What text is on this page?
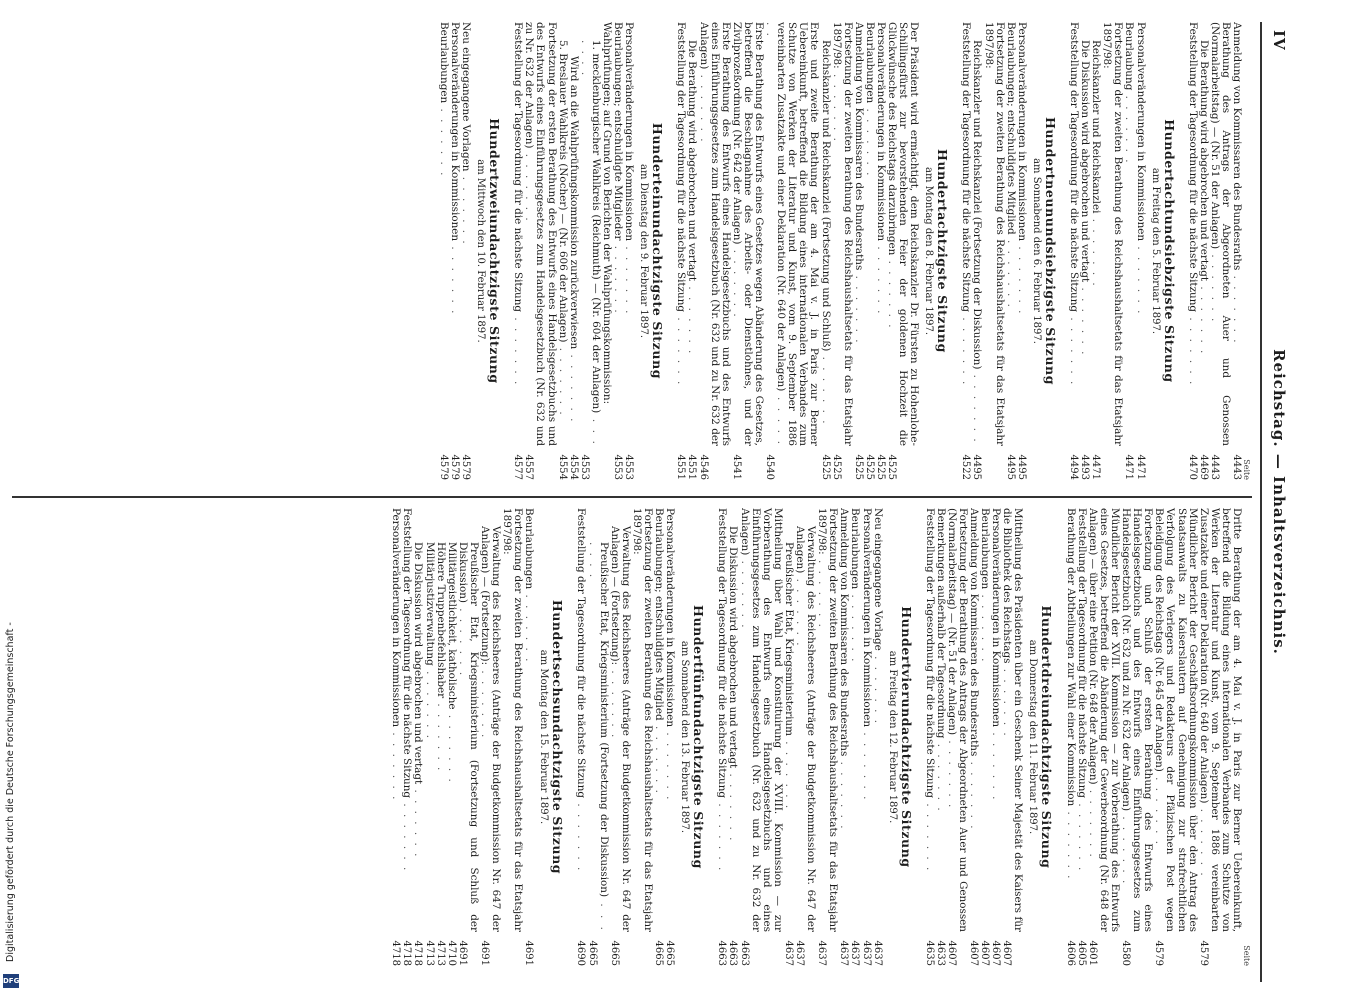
IV
Reichstag. — Inhaltsverzeichnis.
Seite
Anmeldung von Kommissaren des Bundesraths . . .
4443
Berathung des Antrags der Abgeordneten Auer und Genossen (Normalarbeitstag) — (Nr. 51 der Anlagen) . . .
4443
Die Berathung wird abgebrochen und vertagt . . .
4469
Feststellung der Tagesordnung für die nächste Sitzung . . .
4470
Hundertachtundsiebzigste Sitzung
am Freitag den 5. Februar 1897.
Personalveränderungen in Kommissionen . . .
4471
Beurlaubung . . .
4471
Fortsetzung der zweiten Berathung des Reichshaushaltsetats für das Etatsjahr 1897/98:
Reichskanzler und Reichskanzlei . . .
4471
Die Diskussion wird abgebrochen und vertagt . . .
4493
Feststellung der Tagesordnung für die nächste Sitzung . . .
4494
Hundertneunundsiebzigste Sitzung
am Sonnabend den 6. Februar 1897.
Personalveränderungen in Kommissionen . . .
4495
Beurlaubungen; entschuldigtes Mitglied . . .
4495
Fortsetzung der zweiten Berathung des Reichshaushaltsetats für das Etatsjahr 1897/98:
Reichskanzler und Reichskanzlei (Fortsetzung der Diskussion) . . .
4495
Feststellung der Tagesordnung für die nächste Sitzung . . .
4522
Hundertachtzigste Sitzung
am Montag den 8. Februar 1897.
Der Präsident wird ermächtigt, dem Reichskanzler Dr. Fürsten zu Hohenlohe-Schillingsfürst zur bevorstehenden Feier der goldenen Hochzeit die Glückwünsche des Reichstags darzubringen . . .
4525
Personalveränderungen in Kommissionen . . .
4525
Beurlaubungen . . .
4525
Anmeldung von Kommissaren des Bundesraths . . .
4525
Fortsetzung der zweiten Berathung des Reichshaushaltsetats für das Etatsjahr 1897/98: . . .
4525
Reichskanzler und Reichskanzlei (Fortsetzung und Schluß) . . .
4525
Erste und zweite Berathung der am 4. Mai v. J. in Paris zur Berner Uebereinkunft, betreffend die Bildung eines internationalen Verbandes zum Schutze von Werken der Literatur und Kunst, vom 9. September 1886 vereinbarten Zusatzakte und einer Deklaration (Nr. 640 der Anlagen) . . .
4540
Erste Berathung des Entwurfs eines Gesetzes wegen Abänderung des Gesetzes, betreffend die Beschlagnahme des Arbeits- oder Dienstlohnes, und der Zivilprozeßordnung (Nr. 642 der Anlagen) . . .
4541
Erste Berathung des Entwurfs eines Handelsgesetzbuchs und des Entwurfs eines Einführungsgesetzes zum Handelsgesetzbuch (Nr. 632 und zu Nr. 632 der Anlagen) . . .
4546
Die Berathung wird abgebrochen und vertagt . . .
4551
Feststellung der Tagesordnung für die nächste Sitzung . . .
4551
Hunderteinundachtzigste Sitzung
am Dienstag den 9. Februar 1897.
Personalveränderungen in Kommissionen . . .
4553
Beurlaubungen; entschuldigte Mitglieder . . .
4553
Wahlprüfungen; auf Grund von Berichten der Wahlprüfungskommission:
1. mecklenburgischer Wahlkreis (Reichmuth) — (Nr. 604 der Anlagen) . . .
4553
Wird an die Wahlprüfungskommission zurückverwiesen . . .
4554
5. Breslauer Wahlkreis (Nocher) — (Nr. 606 der Anlagen) . . .
4554
Fortsetzung der ersten Berathung des Entwurfs eines Handelsgesetzbuchs und des Entwurfs eines Einführungsgesetzes zum Handelsgesetzbuch (Nr. 632 und zu Nr. 632 der Anlagen) . . .
4557
Feststellung der Tagesordnung für die nächste Sitzung . . .
4577
Hundertzweiundachtzigste Sitzung
am Mittwoch den 10. Februar 1897.
Neu eingegangene Vorlagen . . .
4579
Personalveränderungen in Kommissionen . . .
4579
Beurlaubungen . . .
4579
Seite
Dritte Berathung der am 4. Mai v. J. in Paris zur Berner Uebereinkunft, betreffend die Bildung eines internationalen Verbandes zum Schutze von Werken der Literatur und Kunst, vom 9. September 1886 vereinbarten Zusatzakte und einer Deklaration (Nr. 640 der Anlagen) . . .
4579
Mündlicher Bericht der Geschäftsordnungskommission über den Antrag des Staatsanwalts zu Kaiserslautern auf Genehmigung zur strafrechtlichen Verfolgung des Verlegers und Redakteurs der Pfälzischen Post wegen Beleidigung des Reichstags (Nr. 645 der Anlagen) . . .
4579
Fortsetzung und Schluß der ersten Berathung des Entwurfs eines Handelsgesetzbuchs und des Entwurfs eines Einführungsgesetzes zum Handelsgesetzbuch (Nr. 632 und zu Nr. 632 der Anlagen) . . .
4580
Mündlicher Bericht der XVII. Kommission — zur Vorberathung des Entwurfs eines Gesetzes, betreffend die Abänderung der Gewerbeordnung (Nr. 648 der Anlagen) — über eine Petition (Nr. 648 der Anlagen) . . .
4601
Feststellung der Tagesordnung für die nächste Sitzung . . .
4605
Berathung der Abtheilungen zur Wahl einer Kommission . . .
4606
Hundertdreiundachtzigste Sitzung
am Donnerstag den 11. Februar 1897.
Mittheilung des Präsidenten über ein Geschenk Seiner Majestät des Kaisers für die Bibliothek des Reichstags . . .
4607
Personalveränderungen in Kommissionen . . .
4607
Beurlaubungen . . .
4607
Anmeldung von Kommissaren des Bundesraths . . .
4607
Fortsetzung der Berathung des Antrags der Abgeordneten Auer und Genossen (Normalarbeitstag) — (Nr. 51 der Anlagen) . . .
4607
Bemerkungen außerhalb der Tagesordnung . . .
4633
Feststellung der Tagesordnung für die nächste Sitzung . . .
4635
Hundertvierundachtzigste Sitzung
am Freitag den 12. Februar 1897.
Neu eingegangene Vorlage . . .
4637
Personalveränderungen in Kommissionen . . .
4637
Beurlaubungen . . .
4637
Anmeldung von Kommissaren des Bundesraths . . .
4637
Fortsetzung der zweiten Berathung des Reichshaushaltsetats für das Etatsjahr 1897/98: . . .
4637
Verwaltung des Reichsheeres (Anträge der Budgetkommission Nr. 647 der Anlagen) . . .
4637
Preußischer Etat, Kriegsministerium . . .
4637
Mittheilung über Wahl und Konstituirung der XVIII. Kommission — zur Vorberathung des Entwurfs eines Handelsgesetzbuchs und eines Einführungsgesetzes zum Handelsgesetzbuch (Nr. 632 und zu Nr. 632 der Anlagen) . . .
4663
Die Diskussion wird abgebrochen und vertagt . . .
4663
Feststellung der Tagesordnung für die nächste Sitzung . . .
4663
Hundertfünfundachtzigste Sitzung
am Sonnabend den 13. Februar 1897.
Personalveränderungen in Kommissionen . . .
4665
Beurlaubungen; entschuldigtes Mitglied . . .
4665
Fortsetzung der zweiten Berathung des Reichshaushaltsetats für das Etatsjahr 1897/98:
Verwaltung des Reichsheeres (Anträge der Budgetkommission Nr. 647 der Anlagen) — (Fortsetzung): . . .
4665
Preußischer Etat, Kriegsministerium (Fortsetzung der Diskussion) . . .
4665
Feststellung der Tagesordnung für die nächste Sitzung . . .
4690
Hundertsechsundachtzigste Sitzung
am Montag den 15. Februar 1897.
Beurlaubungen . . .
4691
Fortsetzung der zweiten Berathung des Reichshaushaltsetats für das Etatsjahr 1897/98:
Verwaltung des Reichsheeres (Anträge der Budgetkommission Nr. 647 der Anlagen) — (Fortsetzung): . . .
4691
Preußischer Etat, Kriegsministerium (Fortsetzung und Schluß der Diskussion) . . .
4691
Militärgeistlichkeit, katholische . . .
4710
Höhere Truppenbefehlshaber . . .
4713
Militärjustizverwaltung . . .
4713
Die Diskussion wird abgebrochen und vertagt . . .
4718
Feststellung der Tagesordnung für die nächste Sitzung . . .
4718
Personalveränderungen in Kommissionen . . .
4718
Digitalisierung gefördert durch die Deutsche Forschungsgemeinschaft -
DFG
